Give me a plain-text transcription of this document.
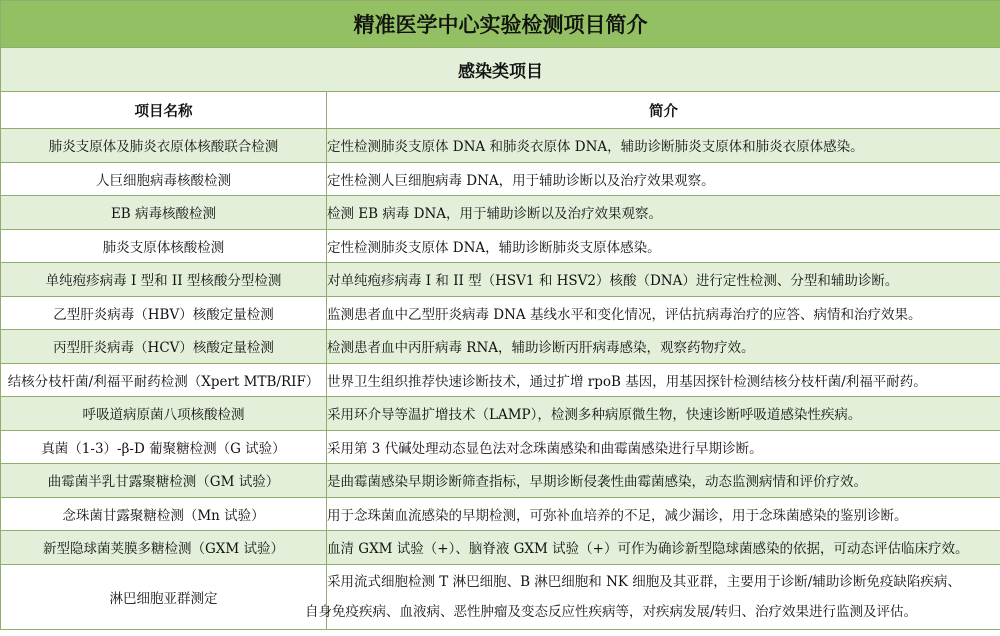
精准医学中心实验检测项目简介	
感染类项目	
项目名称	简介
肺炎支原体及肺炎衣原体核酸联合检测	定性检测肺炎支原体 DNA 和肺炎衣原体 DNA，辅助诊断肺炎支原体和肺炎衣原体感染。
人巨细胞病毒核酸检测	定性检测人巨细胞病毒 DNA，用于辅助诊断以及治疗效果观察。
EB 病毒核酸检测	检测 EB 病毒 DNA，用于辅助诊断以及治疗效果观察。
肺炎支原体核酸检测	定性检测肺炎支原体 DNA，辅助诊断肺炎支原体感染。
单纯疱疹病毒 I 型和 II 型核酸分型检测	对单纯疱疹病毒 I 和 II 型（HSV1 和 HSV2）核酸（DNA）进行定性检测、分型和辅助诊断。
乙型肝炎病毒（HBV）核酸定量检测	监测患者血中乙型肝炎病毒 DNA 基线水平和变化情况，评估抗病毒治疗的应答、病情和治疗效果。
丙型肝炎病毒（HCV）核酸定量检测	检测患者血中丙肝病毒 RNA，辅助诊断丙肝病毒感染，观察药物疗效。
结核分枝杆菌/利福平耐药检测（Xpert MTB/RIF）	世界卫生组织推荐快速诊断技术，通过扩增 rpoB 基因，用基因探针检测结核分枝杆菌/利福平耐药。
呼吸道病原菌八项核酸检测	采用环介导等温扩增技术（LAMP），检测多种病原微生物，快速诊断呼吸道感染性疾病。
真菌（1-3）-β-D 葡聚糖检测（G 试验）	采用第 3 代碱处理动态显色法对念珠菌感染和曲霉菌感染进行早期诊断。
曲霉菌半乳甘露聚糖检测（GM 试验）	是曲霉菌感染早期诊断筛查指标，早期诊断侵袭性曲霉菌感染，动态监测病情和评价疗效。
念珠菌甘露聚糖检测（Mn 试验）	用于念珠菌血流感染的早期检测，可弥补血培养的不足，减少漏诊，用于念珠菌感染的鉴别诊断。
新型隐球菌荚膜多糖检测（GXM 试验）	血清 GXM 试验（+）、脑脊液 GXM 试验（+）可作为确诊新型隐球菌感染的依据，可动态评估临床疗效。
淋巴细胞亚群测定	采用流式细胞检测 T 淋巴细胞、B 淋巴细胞和 NK 细胞及其亚群，主要用于诊断/辅助诊断免疫缺陷疾病、
自身免疫疾病、血液病、恶性肿瘤及变态反应性疾病等，对疾病发展/转归、治疗效果进行监测及评估。
